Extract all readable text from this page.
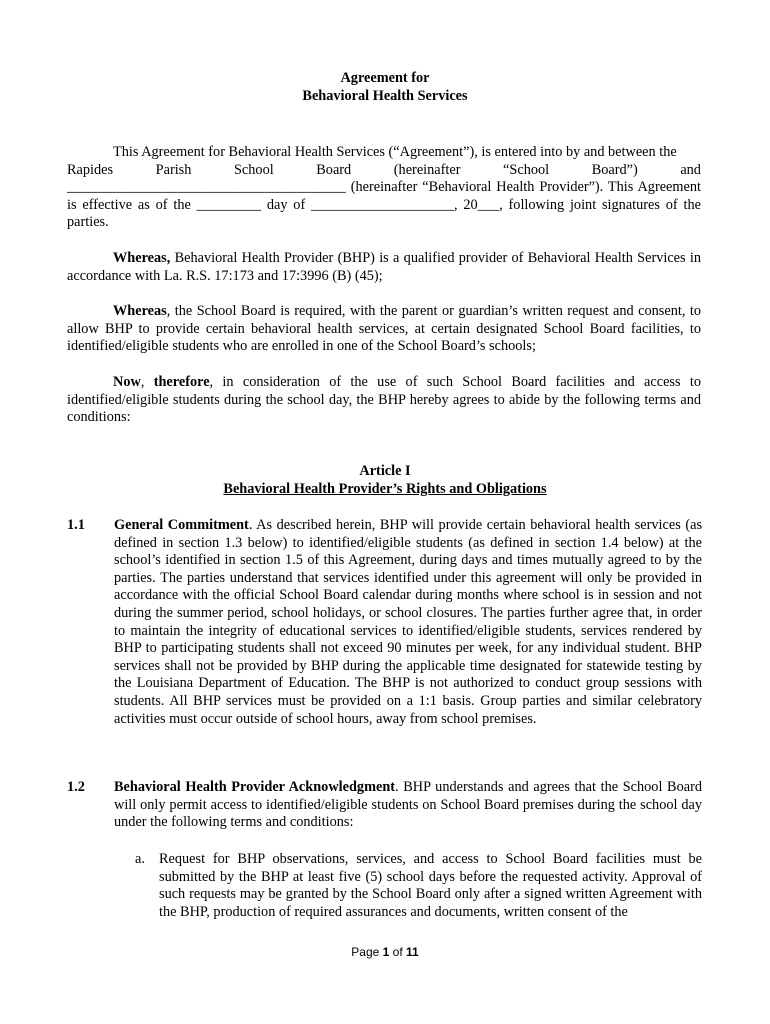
Agreement for
Behavioral Health Services
This Agreement for Behavioral Health Services (“Agreement”), is entered into by and between the
Rapides	Parish	School	Board	(hereinafter	“School	Board”)	and
_______________________________________ (hereinafter “Behavioral Health Provider”). This Agreement
is effective as of the _________ day of ____________________, 20___, following joint signatures of the
parties.
Whereas, Behavioral Health Provider (BHP) is a qualified provider of Behavioral Health Services in accordance with La. R.S. 17:173 and 17:3996 (B) (45);
Whereas, the School Board is required, with the parent or guardian’s written request and consent, to allow BHP to provide certain behavioral health services, at certain designated School Board facilities, to identified/eligible students who are enrolled in one of the School Board’s schools;
Now, therefore, in consideration of the use of such School Board facilities and access to identified/eligible students during the school day, the BHP hereby agrees to abide by the following terms and conditions:
Article I
Behavioral Health Provider’s Rights and Obligations
1.1 General Commitment. As described herein, BHP will provide certain behavioral health services (as defined in section 1.3 below) to identified/eligible students (as defined in section 1.4 below) at the school’s identified in section 1.5 of this Agreement, during days and times mutually agreed to by the parties. The parties understand that services identified under this agreement will only be provided in accordance with the official School Board calendar during months where school is in session and not during the summer period, school holidays, or school closures. The parties further agree that, in order to maintain the integrity of educational services to identified/eligible students, services rendered by BHP to participating students shall not exceed 90 minutes per week, for any individual student. BHP services shall not be provided by BHP during the applicable time designated for statewide testing by the Louisiana Department of Education. The BHP is not authorized to conduct group sessions with students. All BHP services must be provided on a 1:1 basis. Group parties and similar celebratory activities must occur outside of school hours, away from school premises.
1.2 Behavioral Health Provider Acknowledgment. BHP understands and agrees that the School Board will only permit access to identified/eligible students on School Board premises during the school day under the following terms and conditions:
a. Request for BHP observations, services, and access to School Board facilities must be submitted by the BHP at least five (5) school days before the requested activity. Approval of such requests may be granted by the School Board only after a signed written Agreement with the BHP, production of required assurances and documents, written consent of the
Page 1 of 11
